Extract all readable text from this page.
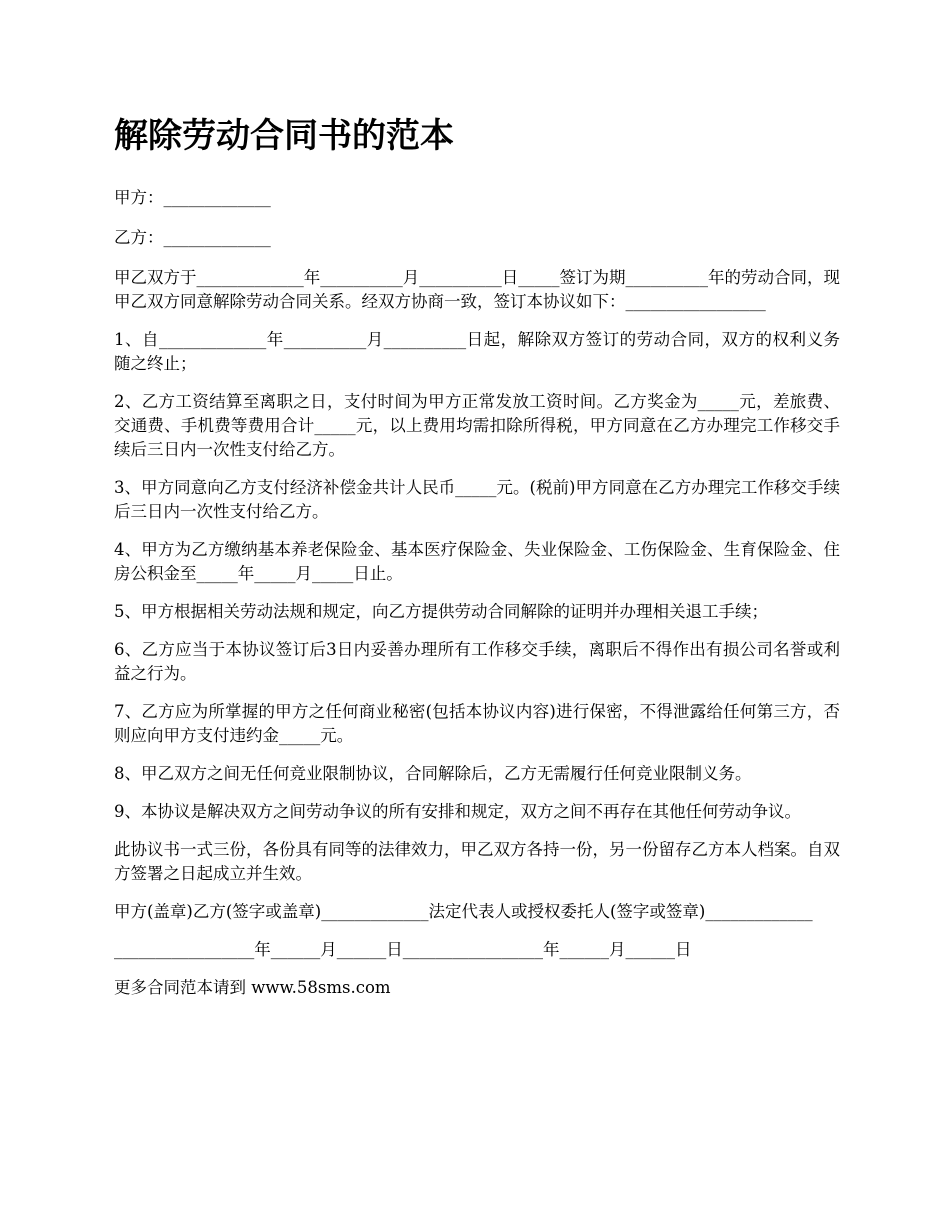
解除劳动合同书的范本

甲方：_____________

乙方：_____________

甲乙双方于_____________年__________月__________日_____签订为期__________年的劳动合同，现甲乙双方同意解除劳动合同关系。经双方协商一致，签订本协议如下：_________________

1、自_____________年__________月__________日起，解除双方签订的劳动合同，双方的权利义务随之终止；

2、乙方工资结算至离职之日，支付时间为甲方正常发放工资时间。乙方奖金为_____元，差旅费、交通费、手机费等费用合计_____元，以上费用均需扣除所得税，甲方同意在乙方办理完工作移交手续后三日内一次性支付给乙方。

3、甲方同意向乙方支付经济补偿金共计人民币_____元。(税前)甲方同意在乙方办理完工作移交手续后三日内一次性支付给乙方。

4、甲方为乙方缴纳基本养老保险金、基本医疗保险金、失业保险金、工伤保险金、生育保险金、住房公积金至_____年_____月_____日止。

5、甲方根据相关劳动法规和规定，向乙方提供劳动合同解除的证明并办理相关退工手续；

6、乙方应当于本协议签订后3日内妥善办理所有工作移交手续，离职后不得作出有损公司名誉或利益之行为。

7、乙方应为所掌握的甲方之任何商业秘密(包括本协议内容)进行保密，不得泄露给任何第三方，否则应向甲方支付违约金_____元。

8、甲乙双方之间无任何竞业限制协议，合同解除后，乙方无需履行任何竞业限制义务。

9、本协议是解决双方之间劳动争议的所有安排和规定，双方之间不再存在其他任何劳动争议。

此协议书一式三份，各份具有同等的法律效力，甲乙双方各持一份，另一份留存乙方本人档案。自双方签署之日起成立并生效。

甲方(盖章)乙方(签字或盖章)_____________法定代表人或授权委托人(签字或签章)_____________

_________________年______月______日_________________年______月______日

更多合同范本请到 www.58sms.com
